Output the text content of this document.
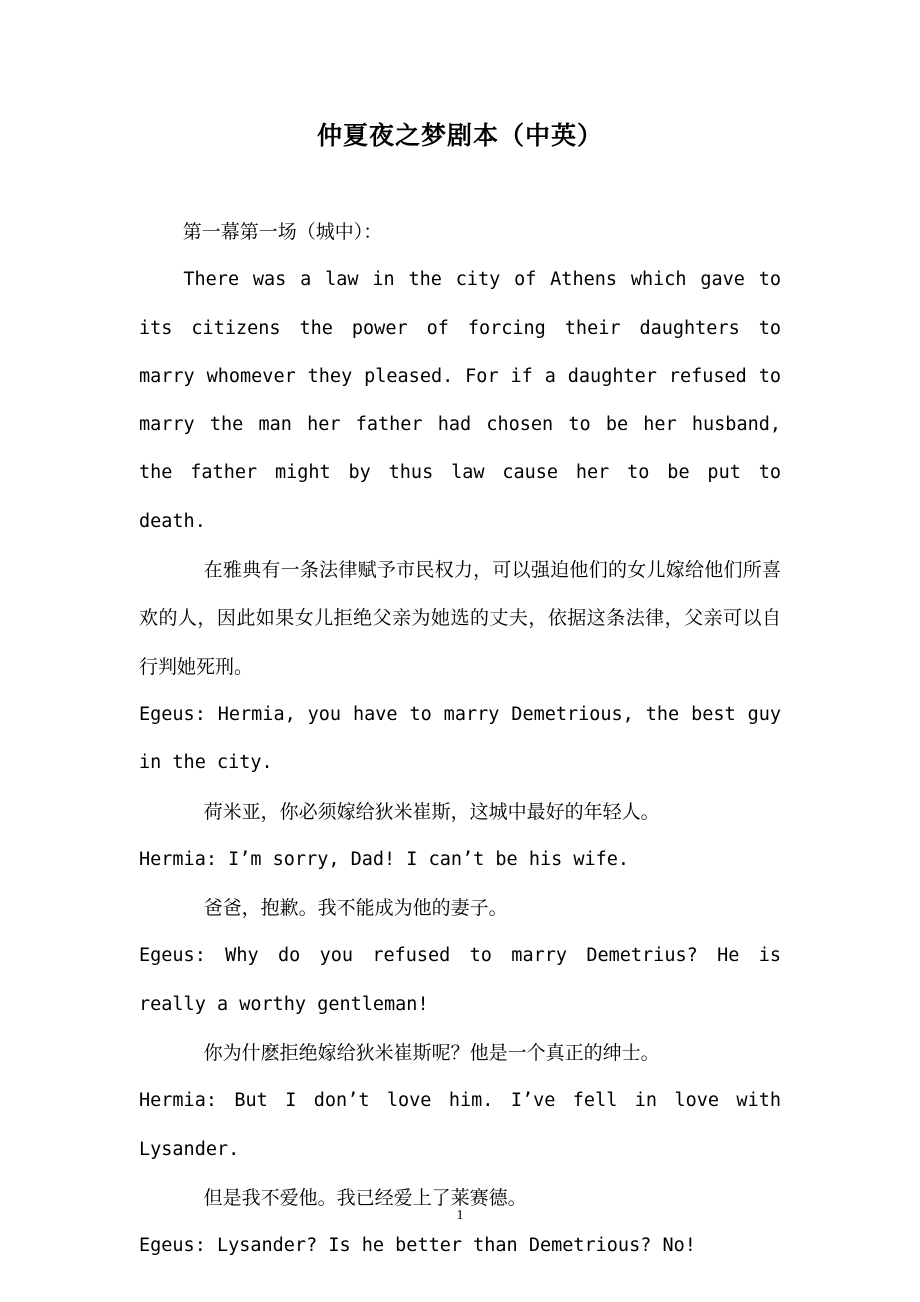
仲夏夜之梦剧本（中英）

第一幕第一场（城中）：

There was a law in the city of Athens which gave to its citizens the power of forcing their daughters to marry whomever they pleased. For if a daughter refused to marry the man her father had chosen to be her husband, the father might by thus law cause her to be put to death.

在雅典有一条法律赋予市民权力，可以强迫他们的女儿嫁给他们所喜欢的人，因此如果女儿拒绝父亲为她选的丈夫，依据这条法律，父亲可以自行判她死刑。

Egeus: Hermia, you have to marry Demetrious, the best guy in the city.

荷米亚，你必须嫁给狄米崔斯，这城中最好的年轻人。

Hermia: I’m sorry, Dad! I can’t be his wife.

爸爸，抱歉。我不能成为他的妻子。

Egeus: Why do you refused to marry Demetrius? He is really a worthy gentleman!

你为什麽拒绝嫁给狄米崔斯呢？他是一个真正的绅士。

Hermia: But I don’t love him. I’ve fell in love with Lysander.

但是我不爱他。我已经爱上了莱赛德。

Egeus: Lysander? Is he better than Demetrious? No!

1
